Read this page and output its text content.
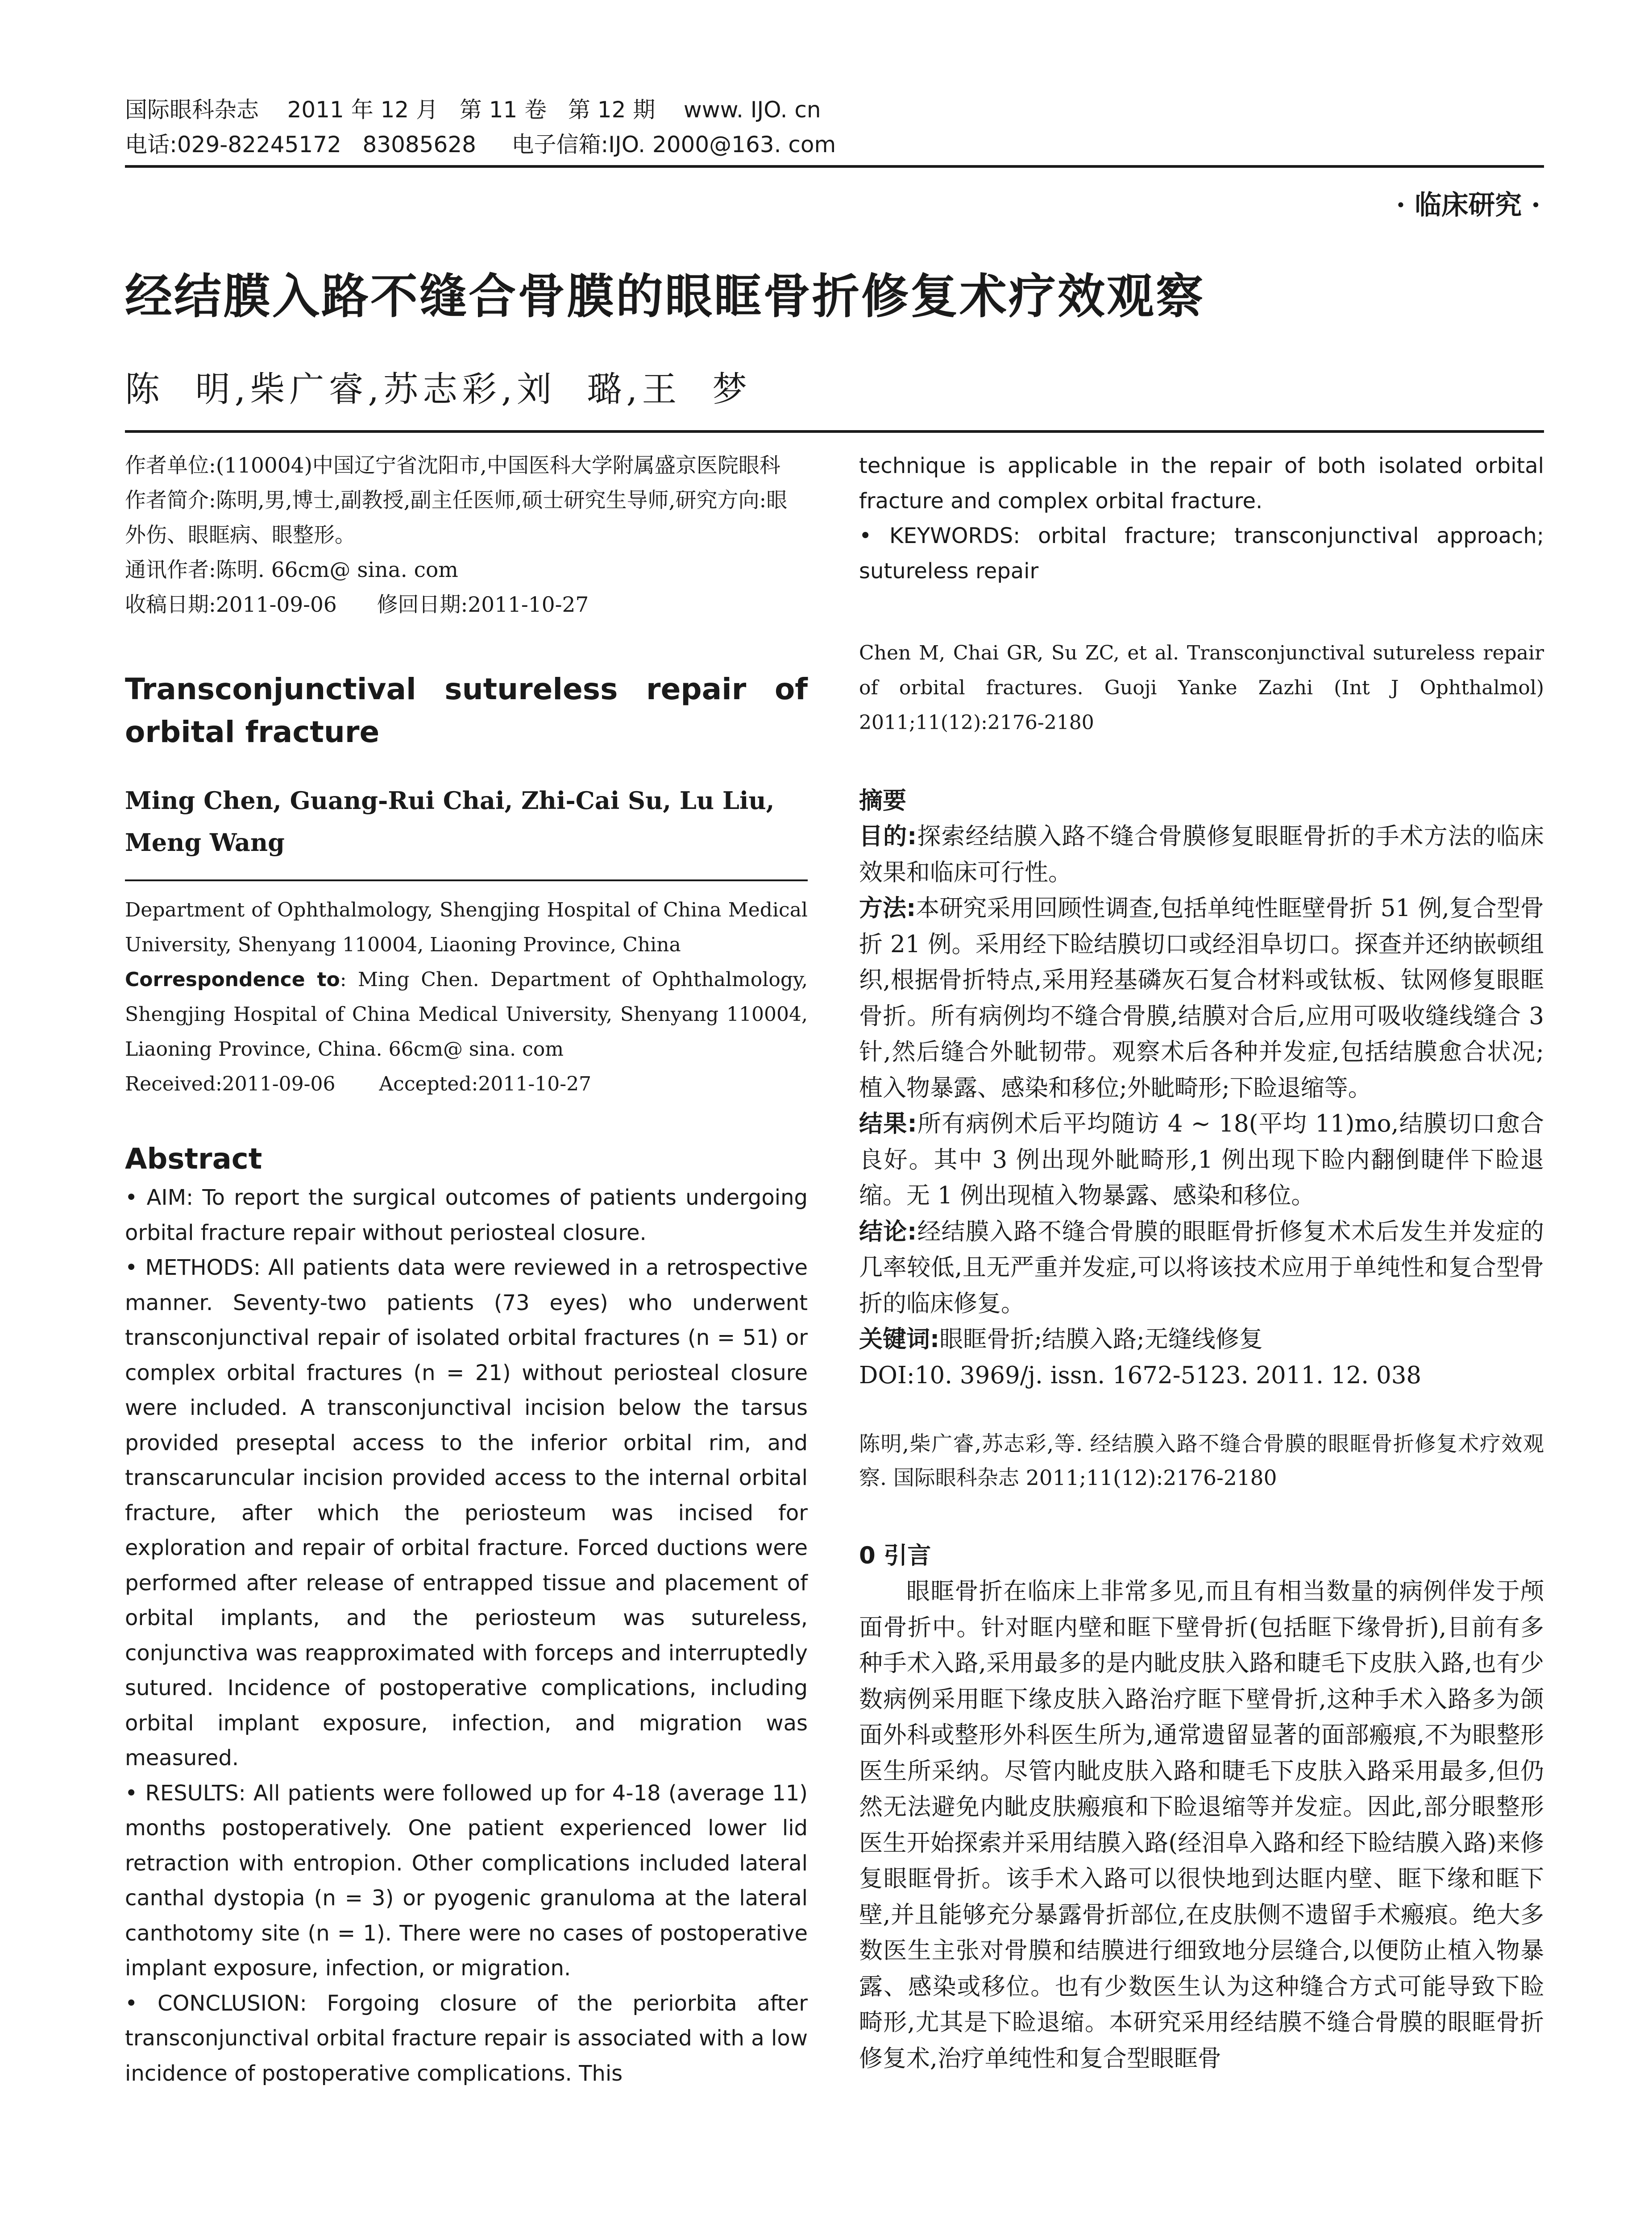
国际眼科杂志    2011 年 12 月   第 11 卷   第 12 期    www. IJO. cn
电话:029-82245172   83085628     电子信箱:IJO. 2000@163. com
· 临床研究 ·
经结膜入路不缝合骨膜的眼眶骨折修复术疗效观察
陈  明,柴广睿,苏志彩,刘  璐,王  梦
作者单位:(110004)中国辽宁省沈阳市,中国医科大学附属盛京医院眼科
作者简介:陈明,男,博士,副教授,副主任医师,硕士研究生导师,研究方向:眼外伤、眼眶病、眼整形。
通讯作者:陈明. 66cm@ sina. com
收稿日期:2011-09-06      修回日期:2011-10-27
Transconjunctival sutureless repair of orbital fracture
Ming Chen, Guang-Rui Chai, Zhi-Cai Su, Lu Liu, Meng Wang
Department of Ophthalmology, Shengjing Hospital of China Medical University, Shenyang 110004, Liaoning Province, China
Correspondence to: Ming Chen. Department of Ophthalmology, Shengjing Hospital of China Medical University, Shenyang 110004, Liaoning Province, China. 66cm@ sina. com
Received:2011-09-06       Accepted:2011-10-27
Abstract

• AIM: To report the surgical outcomes of patients undergoing orbital fracture repair without periosteal closure.

• METHODS: All patients data were reviewed in a retrospective manner. Seventy-two patients (73 eyes) who underwent transconjunctival repair of isolated orbital fractures (n = 51) or complex orbital fractures (n = 21) without periosteal closure were included. A transconjunctival incision below the tarsus provided preseptal access to the inferior orbital rim, and transcaruncular incision provided access to the internal orbital fracture, after which the periosteum was incised for exploration and repair of orbital fracture. Forced ductions were performed after release of entrapped tissue and placement of orbital implants, and the periosteum was sutureless, conjunctiva was reapproximated with forceps and interruptedly sutured. Incidence of postoperative complications, including orbital implant exposure, infection, and migration was measured.

• RESULTS: All patients were followed up for 4-18 (average 11) months postoperatively. One patient experienced lower lid retraction with entropion. Other complications included lateral canthal dystopia (n = 3) or pyogenic granuloma at the lateral canthotomy site (n = 1). There were no cases of postoperative implant exposure, infection, or migration.

• CONCLUSION: Forgoing closure of the periorbita after transconjunctival orbital fracture repair is associated with a low incidence of postoperative complications. This

technique is applicable in the repair of both isolated orbital fracture and complex orbital fracture.

• KEYWORDS: orbital fracture; transconjunctival approach; sutureless repair

Chen M, Chai GR, Su ZC, et al. Transconjunctival sutureless repair of orbital fractures. Guoji Yanke Zazhi (Int J Ophthalmol) 2011;11(12):2176-2180
摘要

目的:探索经结膜入路不缝合骨膜修复眼眶骨折的手术方法的临床效果和临床可行性。

方法:本研究采用回顾性调查,包括单纯性眶壁骨折 51 例,复合型骨折 21 例。采用经下睑结膜切口或经泪阜切口。探查并还纳嵌顿组织,根据骨折特点,采用羟基磷灰石复合材料或钛板、钛网修复眼眶骨折。所有病例均不缝合骨膜,结膜对合后,应用可吸收缝线缝合 3 针,然后缝合外眦韧带。观察术后各种并发症,包括结膜愈合状况;植入物暴露、感染和移位;外眦畸形;下睑退缩等。

结果:所有病例术后平均随访 4 ~ 18(平均 11)mo,结膜切口愈合良好。其中 3 例出现外眦畸形,1 例出现下睑内翻倒睫伴下睑退缩。无 1 例出现植入物暴露、感染和移位。

结论:经结膜入路不缝合骨膜的眼眶骨折修复术术后发生并发症的几率较低,且无严重并发症,可以将该技术应用于单纯性和复合型骨折的临床修复。

关键词:眼眶骨折;结膜入路;无缝线修复

DOI:10. 3969/j. issn. 1672-5123. 2011. 12. 038

陈明,柴广睿,苏志彩,等. 经结膜入路不缝合骨膜的眼眶骨折修复术疗效观察. 国际眼科杂志 2011;11(12):2176-2180
0 引言

眼眶骨折在临床上非常多见,而且有相当数量的病例伴发于颅面骨折中。针对眶内壁和眶下壁骨折(包括眶下缘骨折),目前有多种手术入路,采用最多的是内眦皮肤入路和睫毛下皮肤入路,也有少数病例采用眶下缘皮肤入路治疗眶下壁骨折,这种手术入路多为颌面外科或整形外科医生所为,通常遗留显著的面部瘢痕,不为眼整形医生所采纳。尽管内眦皮肤入路和睫毛下皮肤入路采用最多,但仍然无法避免内眦皮肤瘢痕和下睑退缩等并发症。因此,部分眼整形医生开始探索并采用结膜入路(经泪阜入路和经下睑结膜入路)来修复眼眶骨折。该手术入路可以很快地到达眶内壁、眶下缘和眶下壁,并且能够充分暴露骨折部位,在皮肤侧不遗留手术瘢痕。绝大多数医生主张对骨膜和结膜进行细致地分层缝合,以便防止植入物暴露、感染或移位。也有少数医生认为这种缝合方式可能导致下睑畸形,尤其是下睑退缩。本研究采用经结膜不缝合骨膜的眼眶骨折修复术,治疗单纯性和复合型眼眶骨
